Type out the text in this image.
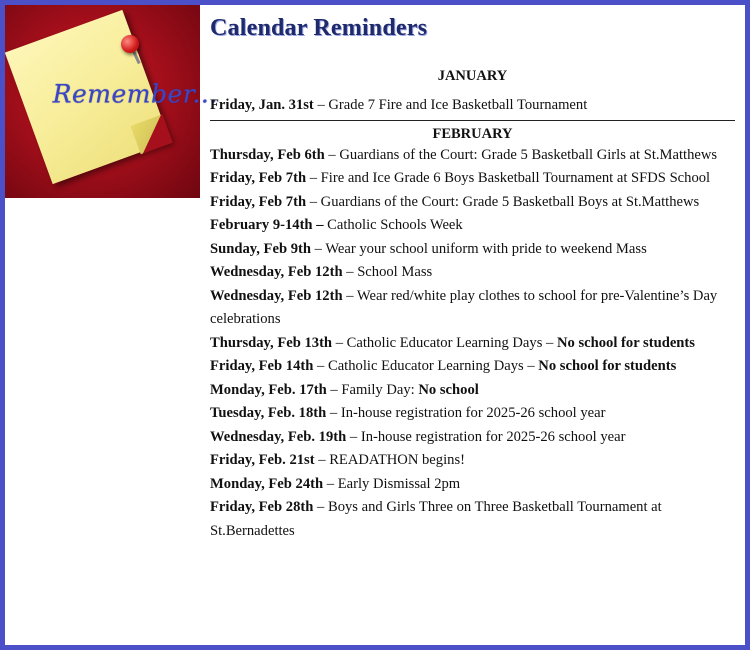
Remember...
Calendar Reminders
JANUARY
Friday, Jan. 31st – Grade 7 Fire and Ice Basketball Tournament
FEBRUARY
Thursday, Feb 6th – Guardians of the Court: Grade 5 Basketball Girls at St.Matthews
Friday, Feb 7th – Fire and Ice Grade 6 Boys Basketball Tournament at SFDS School
Friday, Feb 7th – Guardians of the Court: Grade 5 Basketball Boys at St.Matthews
February 9-14th – Catholic Schools Week
Sunday, Feb 9th – Wear your school uniform with pride to weekend Mass
Wednesday, Feb 12th – School Mass
Wednesday, Feb 12th – Wear red/white play clothes to school for pre-Valentine’s Day celebrations
Thursday, Feb 13th – Catholic Educator Learning Days – No school for students
Friday, Feb 14th – Catholic Educator Learning Days – No school for students
Monday, Feb. 17th – Family Day: No school
Tuesday, Feb. 18th – In-house registration for 2025-26 school year
Wednesday, Feb. 19th – In-house registration for 2025-26 school year
Friday, Feb. 21st – READATHON begins!
Monday, Feb 24th – Early Dismissal 2pm
Friday, Feb 28th – Boys and Girls Three on Three Basketball Tournament at St.Bernadettes
